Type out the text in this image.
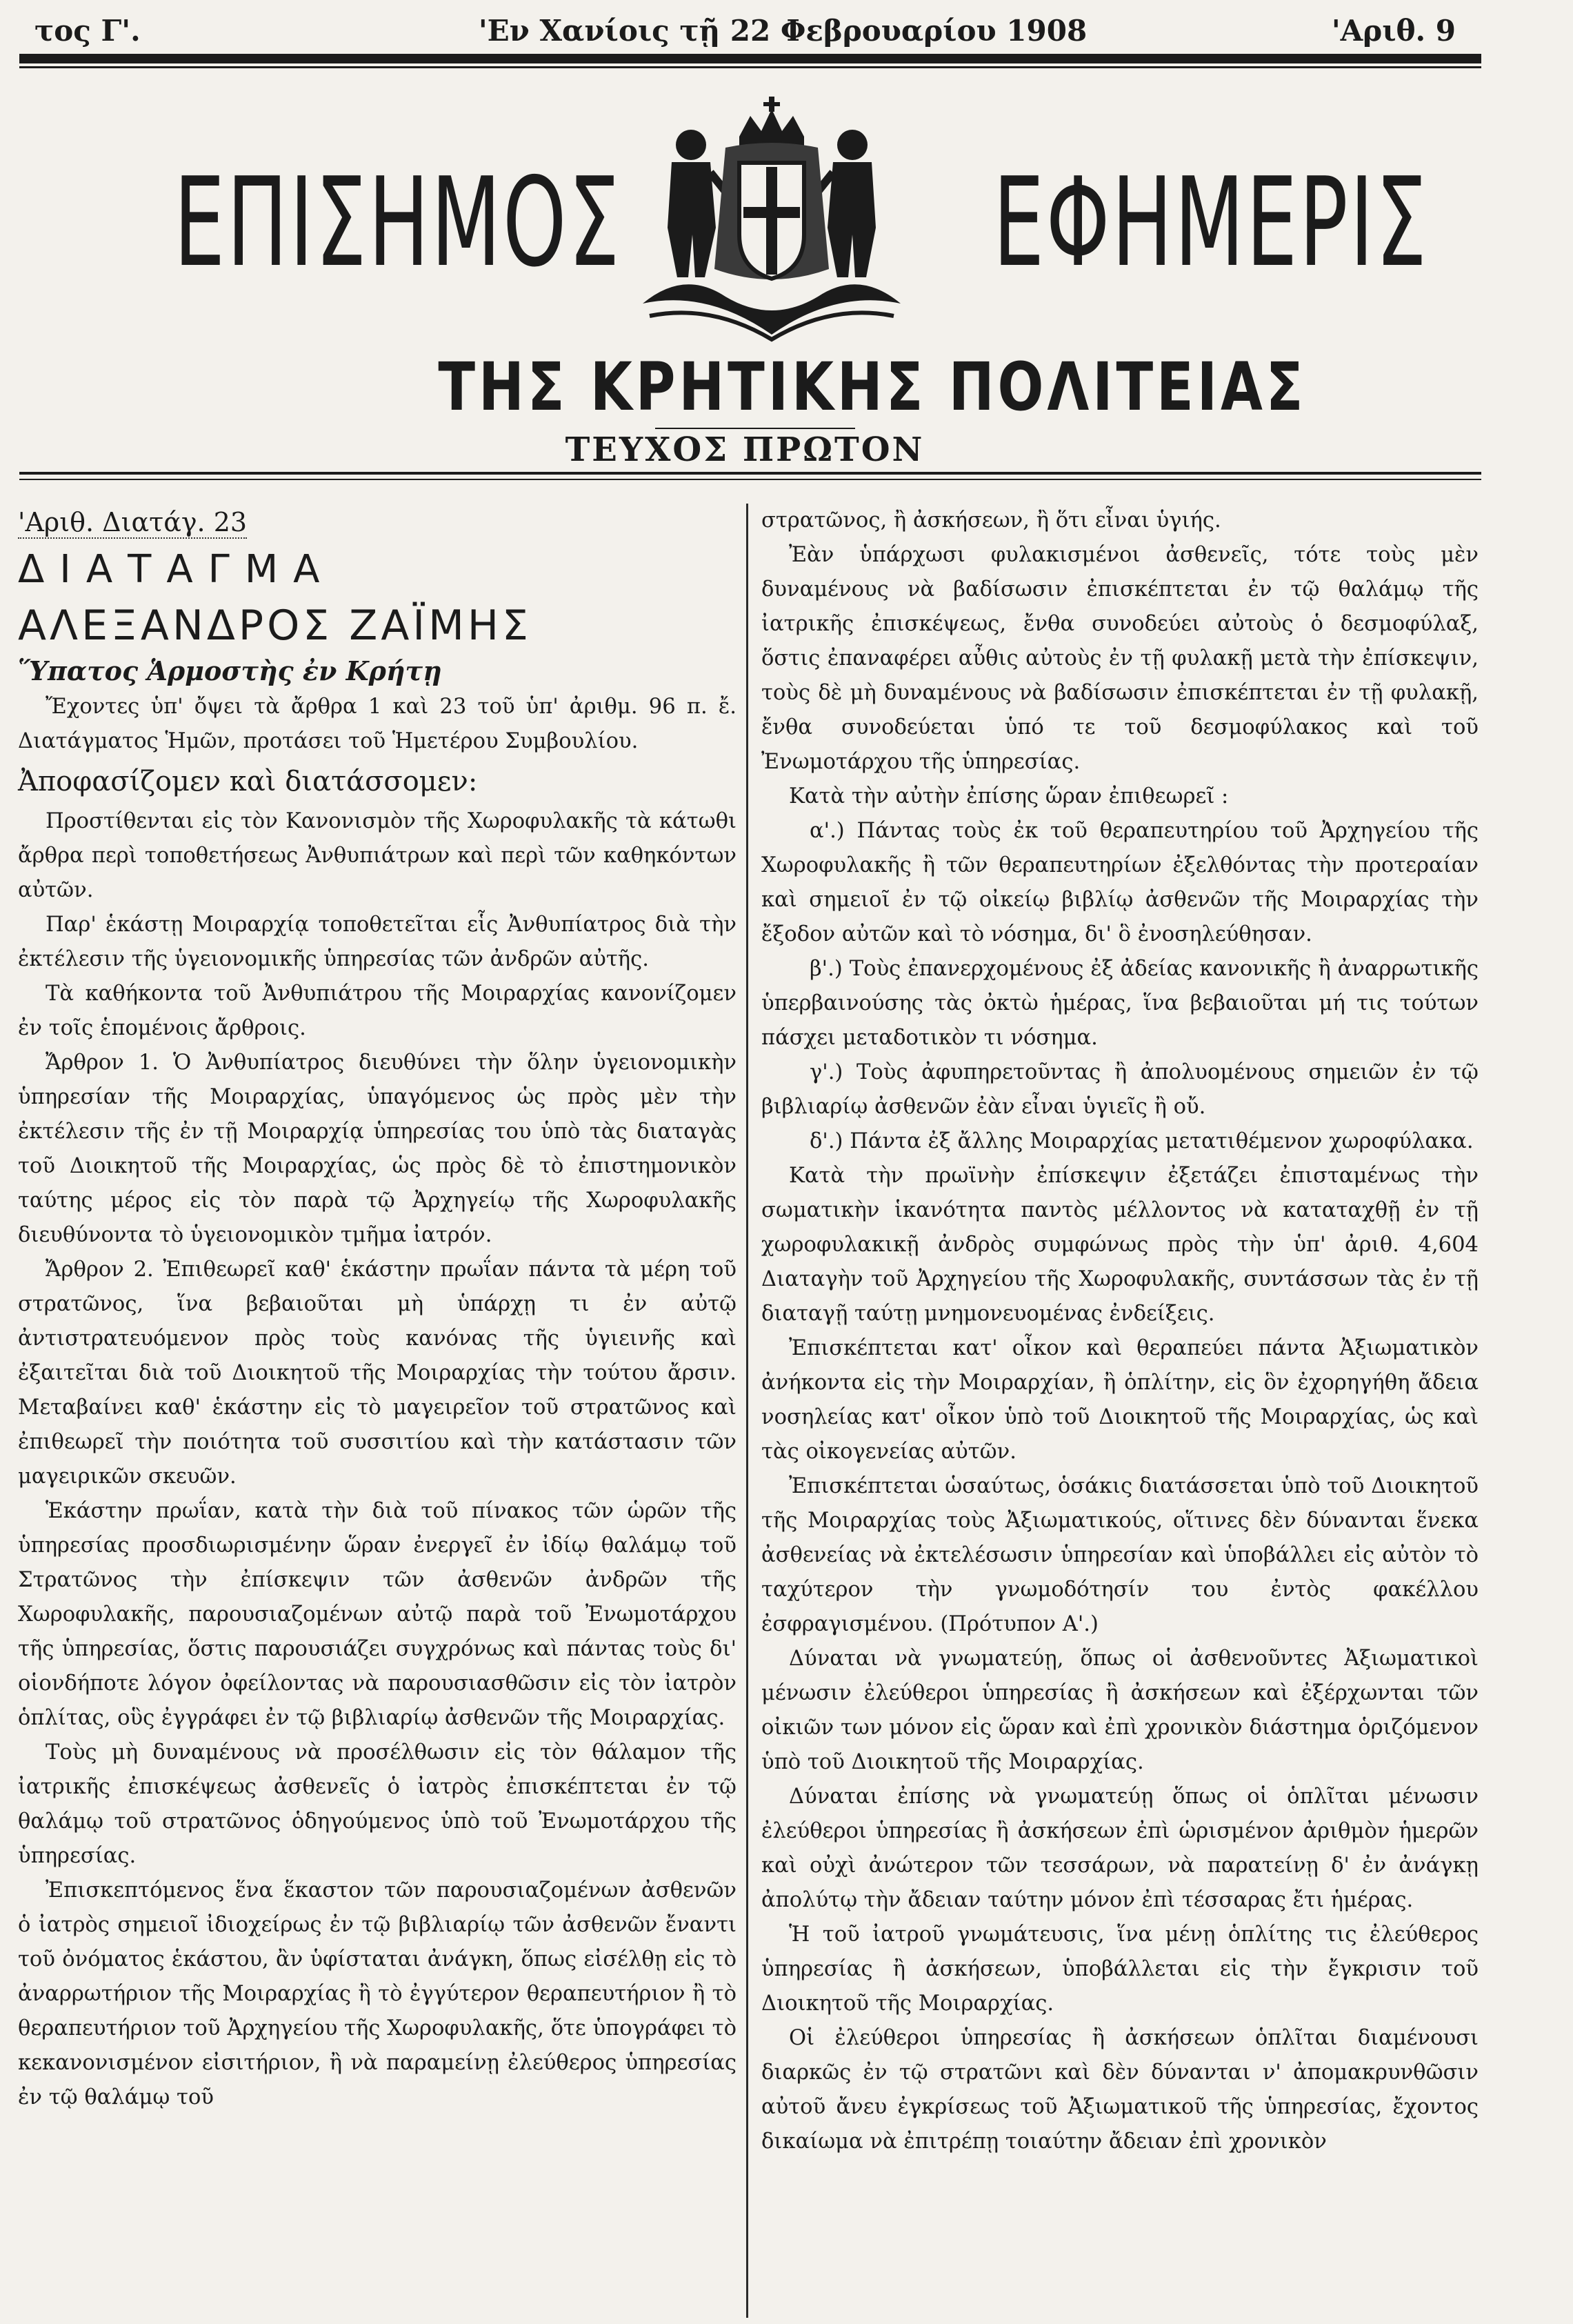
τος Γ'.	'Εν Χανίοις τῇ 22 Φεβρουαρίου 1908	'Αριθ. 9
ΕΠΙΣΗΜΟΣ	ΕΦΗΜΕΡΙΣ
ΤΗΣ ΚΡΗΤΙΚΗΣ ΠΟΛΙΤΕΙΑΣ
ΤΕΥΧΟΣ ΠΡΩΤΟΝ

'Αριθ. Διατάγ. 23

ΔΙΑΤΑΓΜΑ

ΑΛΕΞΑΝΔΡΟΣ ΖΑΪΜΗΣ

Ὕπατος Ἁρμοστὴς ἐν Κρήτῃ

Ἔχοντες ὑπ' ὄψει τὰ ἄρθρα 1 καὶ 23 τοῦ ὑπ' ἀριθμ. 96 π. ἔ. Διατάγματος Ἡμῶν, προτάσει τοῦ Ἡμετέρου Συμβουλίου.

Ἀποφασίζομεν καὶ διατάσσομεν:

Προστίθενται εἰς τὸν Κανονισμὸν τῆς Χωροφυλακῆς τὰ κάτωθι ἄρθρα περὶ τοποθετήσεως Ἀνθυπιάτρων καὶ περὶ τῶν καθηκόντων αὐτῶν.

Παρ' ἑκάστῃ Μοιραρχίᾳ τοποθετεῖται εἷς Ἀνθυπίατρος διὰ τὴν ἐκτέλεσιν τῆς ὑγειονομικῆς ὑπηρεσίας τῶν ἀνδρῶν αὐτῆς.

Τὰ καθήκοντα τοῦ Ἀνθυπιάτρου τῆς Μοιραρχίας κανονίζομεν ἐν τοῖς ἑπομένοις ἄρθροις.

Ἄρθρον 1. Ὁ Ἀνθυπίατρος διευθύνει τὴν ὅλην ὑγειονομικὴν ὑπηρεσίαν τῆς Μοιραρχίας, ὑπαγόμενος ὡς πρὸς μὲν τὴν ἐκτέλεσιν τῆς ἐν τῇ Μοιραρχίᾳ ὑπηρεσίας του ὑπὸ τὰς διαταγὰς τοῦ Διοικητοῦ τῆς Μοιραρχίας, ὡς πρὸς δὲ τὸ ἐπιστημονικὸν ταύτης μέρος εἰς τὸν παρὰ τῷ Ἀρχηγείῳ τῆς Χωροφυλακῆς διευθύνοντα τὸ ὑγειονομικὸν τμῆμα ἰατρόν.

Ἄρθρον 2. Ἐπιθεωρεῖ καθ' ἑκάστην πρωΐαν πάντα τὰ μέρη τοῦ στρατῶνος, ἵνα βεβαιοῦται μὴ ὑπάρχῃ τι ἐν αὐτῷ ἀντιστρατευόμενον πρὸς τοὺς κανόνας τῆς ὑγιεινῆς καὶ ἐξαιτεῖται διὰ τοῦ Διοικητοῦ τῆς Μοιραρχίας τὴν τούτου ἄρσιν. Μεταβαίνει καθ' ἑκάστην εἰς τὸ μαγειρεῖον τοῦ στρατῶνος καὶ ἐπιθεωρεῖ τὴν ποιότητα τοῦ συσσιτίου καὶ τὴν κατάστασιν τῶν μαγειρικῶν σκευῶν.

Ἑκάστην πρωΐαν, κατὰ τὴν διὰ τοῦ πίνακος τῶν ὡρῶν τῆς ὑπηρεσίας προσδιωρισμένην ὥραν ἐνεργεῖ ἐν ἰδίῳ θαλάμῳ τοῦ Στρατῶνος τὴν ἐπίσκεψιν τῶν ἀσθενῶν ἀνδρῶν τῆς Χωροφυλακῆς, παρουσιαζομένων αὐτῷ παρὰ τοῦ Ἐνωμοτάρχου τῆς ὑπηρεσίας, ὅστις παρουσιάζει συγχρόνως καὶ πάντας τοὺς δι' οἱονδήποτε λόγον ὀφείλοντας νὰ παρουσιασθῶσιν εἰς τὸν ἰατρὸν ὁπλίτας, οὓς ἐγγράφει ἐν τῷ βιβλιαρίῳ ἀσθενῶν τῆς Μοιραρχίας.

Τοὺς μὴ δυναμένους νὰ προσέλθωσιν εἰς τὸν θάλαμον τῆς ἰατρικῆς ἐπισκέψεως ἀσθενεῖς ὁ ἰατρὸς ἐπισκέπτεται ἐν τῷ θαλάμῳ τοῦ στρατῶνος ὁδηγούμενος ὑπὸ τοῦ Ἐνωμοτάρχου τῆς ὑπηρεσίας.

Ἐπισκεπτόμενος ἕνα ἕκαστον τῶν παρουσιαζομένων ἀσθενῶν ὁ ἰατρὸς σημειοῖ ἰδιοχείρως ἐν τῷ βιβλιαρίῳ τῶν ἀσθενῶν ἔναντι τοῦ ὀνόματος ἑκάστου, ἂν ὑφίσταται ἀνάγκη, ὅπως εἰσέλθῃ εἰς τὸ ἀναρρωτήριον τῆς Μοιραρχίας ἢ τὸ ἐγγύτερον θεραπευτήριον ἢ τὸ θεραπευτήριον τοῦ Ἀρχηγείου τῆς Χωροφυλακῆς, ὅτε ὑπογράφει τὸ κεκανονισμένον εἰσιτήριον, ἢ νὰ παραμείνῃ ἐλεύθερος ὑπηρεσίας ἐν τῷ θαλάμῳ τοῦ

στρατῶνος, ἢ ἀσκήσεων, ἢ ὅτι εἶναι ὑγιής.

Ἐὰν ὑπάρχωσι φυλακισμένοι ἀσθενεῖς, τότε τοὺς μὲν δυναμένους νὰ βαδίσωσιν ἐπισκέπτεται ἐν τῷ θαλάμῳ τῆς ἰατρικῆς ἐπισκέψεως, ἔνθα συνοδεύει αὐτοὺς ὁ δεσμοφύλαξ, ὅστις ἐπαναφέρει αὖθις αὐτοὺς ἐν τῇ φυλακῇ μετὰ τὴν ἐπίσκεψιν, τοὺς δὲ μὴ δυναμένους νὰ βαδίσωσιν ἐπισκέπτεται ἐν τῇ φυλακῇ, ἔνθα συνοδεύεται ὑπό τε τοῦ δεσμοφύλακος καὶ τοῦ Ἐνωμοτάρχου τῆς ὑπηρεσίας.

Κατὰ τὴν αὐτὴν ἐπίσης ὥραν ἐπιθεωρεῖ :

α'.) Πάντας τοὺς ἐκ τοῦ θεραπευτηρίου τοῦ Ἀρχηγείου τῆς Χωροφυλακῆς ἢ τῶν θεραπευτηρίων ἐξελθόντας τὴν προτεραίαν καὶ σημειοῖ ἐν τῷ οἰκείῳ βιβλίῳ ἀσθενῶν τῆς Μοιραρχίας τὴν ἔξοδον αὐτῶν καὶ τὸ νόσημα, δι' ὃ ἐνοσηλεύθησαν.

β'.) Τοὺς ἐπανερχομένους ἐξ ἀδείας κανονικῆς ἢ ἀναρρωτικῆς ὑπερβαινούσης τὰς ὀκτὼ ἡμέρας, ἵνα βεβαιοῦται μή τις τούτων πάσχει μεταδοτικὸν τι νόσημα.

γ'.) Τοὺς ἀφυπηρετοῦντας ἢ ἀπολυομένους σημειῶν ἐν τῷ βιβλιαρίῳ ἀσθενῶν ἐὰν εἶναι ὑγιεῖς ἢ οὔ.

δ'.) Πάντα ἐξ ἄλλης Μοιραρχίας μετατιθέμενον χωροφύλακα.

Κατὰ τὴν πρωϊνὴν ἐπίσκεψιν ἐξετάζει ἐπισταμένως τὴν σωματικὴν ἱκανότητα παντὸς μέλλοντος νὰ καταταχθῇ ἐν τῇ χωροφυλακικῇ ἀνδρὸς συμφώνως πρὸς τὴν ὑπ' ἀριθ. 4,604 Διαταγὴν τοῦ Ἀρχηγείου τῆς Χωροφυλακῆς, συντάσσων τὰς ἐν τῇ διαταγῇ ταύτῃ μνημονευομένας ἐνδείξεις.

Ἐπισκέπτεται κατ' οἶκον καὶ θεραπεύει πάντα Ἀξιωματικὸν ἀνήκοντα εἰς τὴν Μοιραρχίαν, ἢ ὁπλίτην, εἰς ὃν ἐχορηγήθη ἄδεια νοσηλείας κατ' οἶκον ὑπὸ τοῦ Διοικητοῦ τῆς Μοιραρχίας, ὡς καὶ τὰς οἰκογενείας αὐτῶν.

Ἐπισκέπτεται ὡσαύτως, ὁσάκις διατάσσεται ὑπὸ τοῦ Διοικητοῦ τῆς Μοιραρχίας τοὺς Ἀξιωματικούς, οἵτινες δὲν δύνανται ἕνεκα ἀσθενείας νὰ ἐκτελέσωσιν ὑπηρεσίαν καὶ ὑποβάλλει εἰς αὐτὸν τὸ ταχύτερον τὴν γνωμοδότησίν του ἐντὸς φακέλλου ἐσφραγισμένου. (Πρότυπον Α'.)

Δύναται νὰ γνωματεύῃ, ὅπως οἱ ἀσθενοῦντες Ἀξιωματικοὶ μένωσιν ἐλεύθεροι ὑπηρεσίας ἢ ἀσκήσεων καὶ ἐξέρχωνται τῶν οἰκιῶν των μόνον εἰς ὥραν καὶ ἐπὶ χρονικὸν διάστημα ὁριζόμενον ὑπὸ τοῦ Διοικητοῦ τῆς Μοιραρχίας.

Δύναται ἐπίσης νὰ γνωματεύῃ ὅπως οἱ ὁπλῖται μένωσιν ἐλεύθεροι ὑπηρεσίας ἢ ἀσκήσεων ἐπὶ ὡρισμένον ἀριθμὸν ἡμερῶν καὶ οὐχὶ ἀνώτερον τῶν τεσσάρων, νὰ παρατείνῃ δ' ἐν ἀνάγκῃ ἀπολύτῳ τὴν ἄδειαν ταύτην μόνον ἐπὶ τέσσαρας ἔτι ἡμέρας.

Ἡ τοῦ ἰατροῦ γνωμάτευσις, ἵνα μένῃ ὁπλίτης τις ἐλεύθερος ὑπηρεσίας ἢ ἀσκήσεων, ὑποβάλλεται εἰς τὴν ἔγκρισιν τοῦ Διοικητοῦ τῆς Μοιραρχίας.

Οἱ ἐλεύθεροι ὑπηρεσίας ἢ ἀσκήσεων ὁπλῖται διαμένουσι διαρκῶς ἐν τῷ στρατῶνι καὶ δὲν δύνανται ν' ἀπομακρυνθῶσιν αὐτοῦ ἄνευ ἐγκρίσεως τοῦ Ἀξιωματικοῦ τῆς ὑπηρεσίας, ἔχοντος δικαίωμα νὰ ἐπιτρέπῃ τοιαύτην ἄδειαν ἐπὶ χρονικὸν
